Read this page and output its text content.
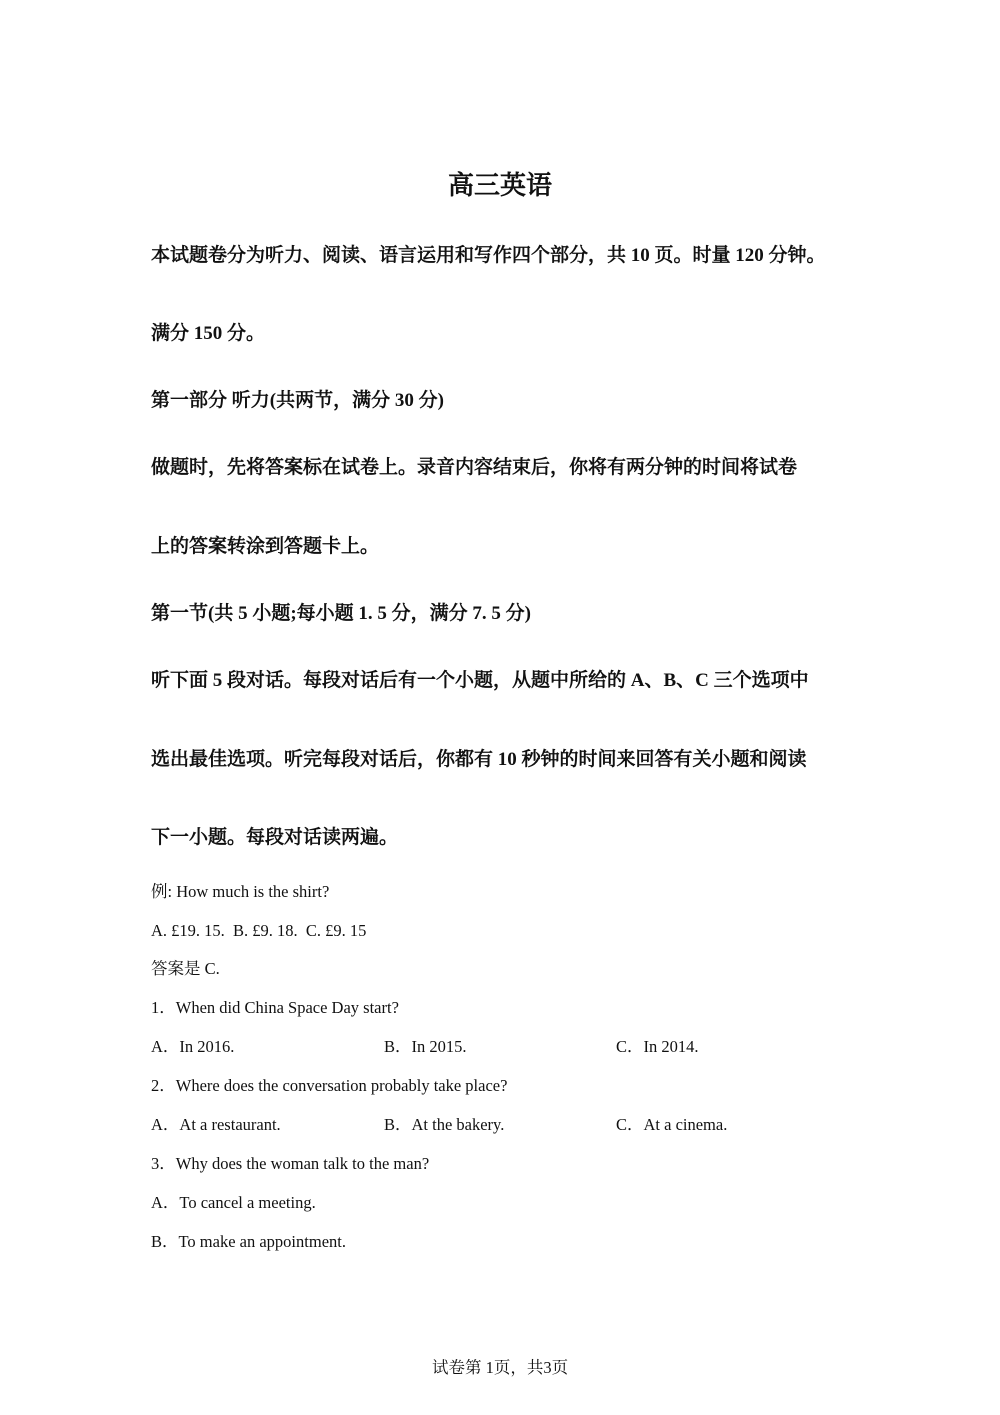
高三英语
本试题卷分为听力、阅读、语言运用和写作四个部分，共 10 页。时量 120 分钟。
满分 150 分。
第一部分 听力(共两节，满分 30 分)
做题时，先将答案标在试卷上。录音内容结束后，你将有两分钟的时间将试卷
上的答案转涂到答题卡上。
第一节(共 5 小题;每小题 1. 5 分，满分 7. 5 分)
听下面 5 段对话。每段对话后有一个小题，从题中所给的 A、B、C 三个选项中
选出最佳选项。听完每段对话后，你都有 10 秒钟的时间来回答有关小题和阅读
下一小题。每段对话读两遍。
例: How much is the shirt?
A. £19. 15.  B. £9. 18.  C. £9. 15
答案是 C.
1．When did China Space Day start?
A．In 2016.	B．In 2015.	C．In 2014.
2．Where does the conversation probably take place?
A．At a restaurant.	B．At the bakery.	C．At a cinema.
3．Why does the woman talk to the man?
A．To cancel a meeting.
B．To make an appointment.
试卷第 1页，共3页
